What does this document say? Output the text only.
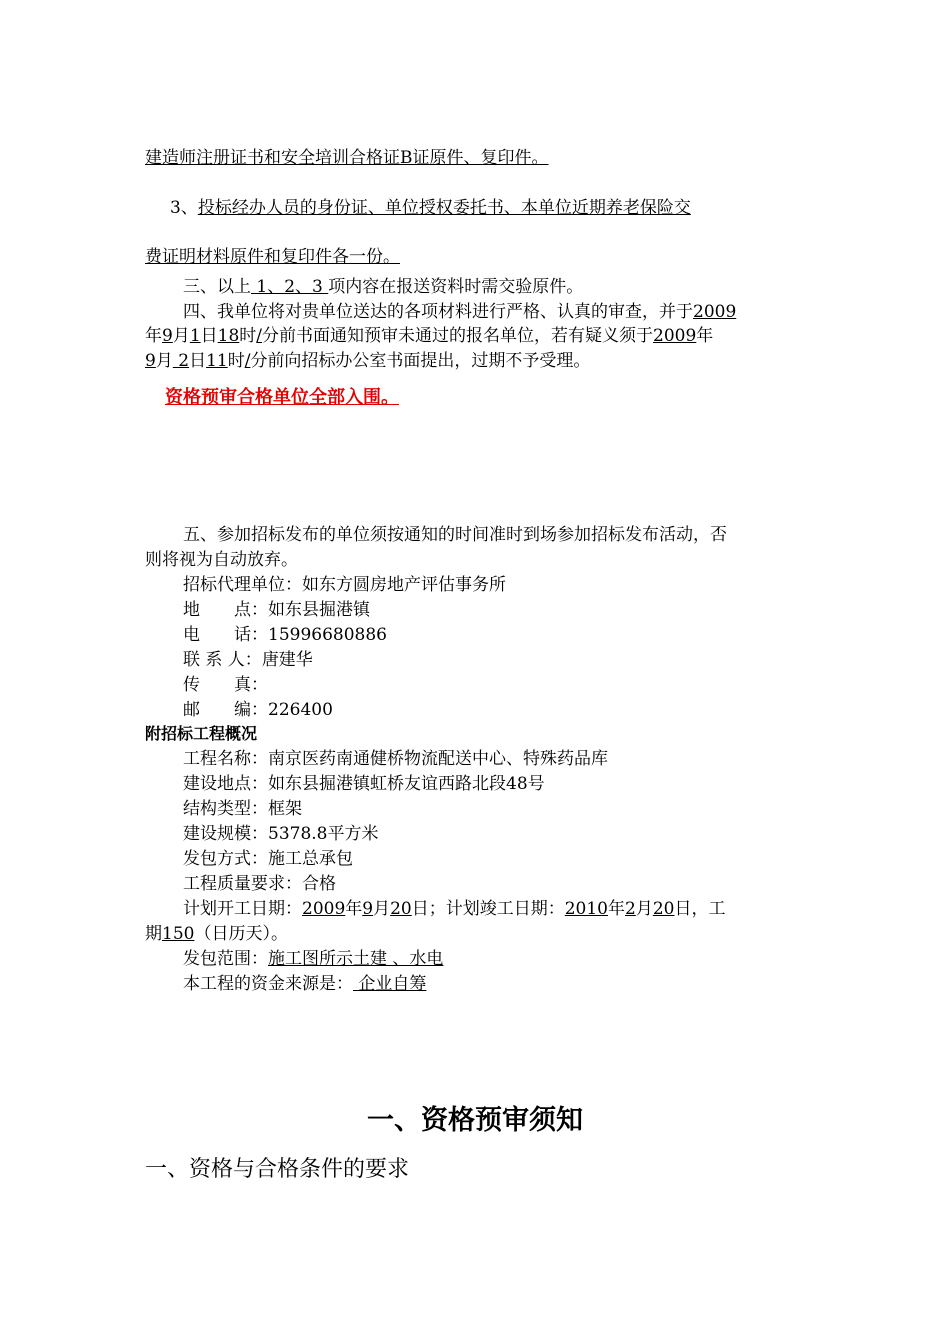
建造师注册证书和安全培训合格证B证原件、复印件。
3、投标经办人员的身份证、单位授权委托书、本单位近期养老保险交
费证明材料原件和复印件各一份。
三、以上 1、2、3 项内容在报送资料时需交验原件。
四、我单位将对贵单位送达的各项材料进行严格、认真的审查，并于2009
年9月1日18时/分前书面通知预审未通过的报名单位，若有疑义须于2009年
9月 2日11时/分前向招标办公室书面提出，过期不予受理。
资格预审合格单位全部入围。
五、参加招标发布的单位须按通知的时间准时到场参加招标发布活动，否
则将视为自动放弃。
招标代理单位：如东方圆房地产评估事务所
地　　点：如东县掘港镇
电　　话：15996680886
联 系 人：唐建华
传　　真：
邮　　编：226400
附招标工程概况
工程名称：南京医药南通健桥物流配送中心、特殊药品库
建设地点：如东县掘港镇虹桥友谊西路北段48号
结构类型：框架
建设规模：5378.8平方米
发包方式：施工总承包
工程质量要求：合格
计划开工日期：2009年9月20日；计划竣工日期：2010年2月20日，工
期150（日历天）。
发包范围：施工图所示土建 、水电
本工程的资金来源是： 企业自筹
一、资格预审须知
一、资格与合格条件的要求
